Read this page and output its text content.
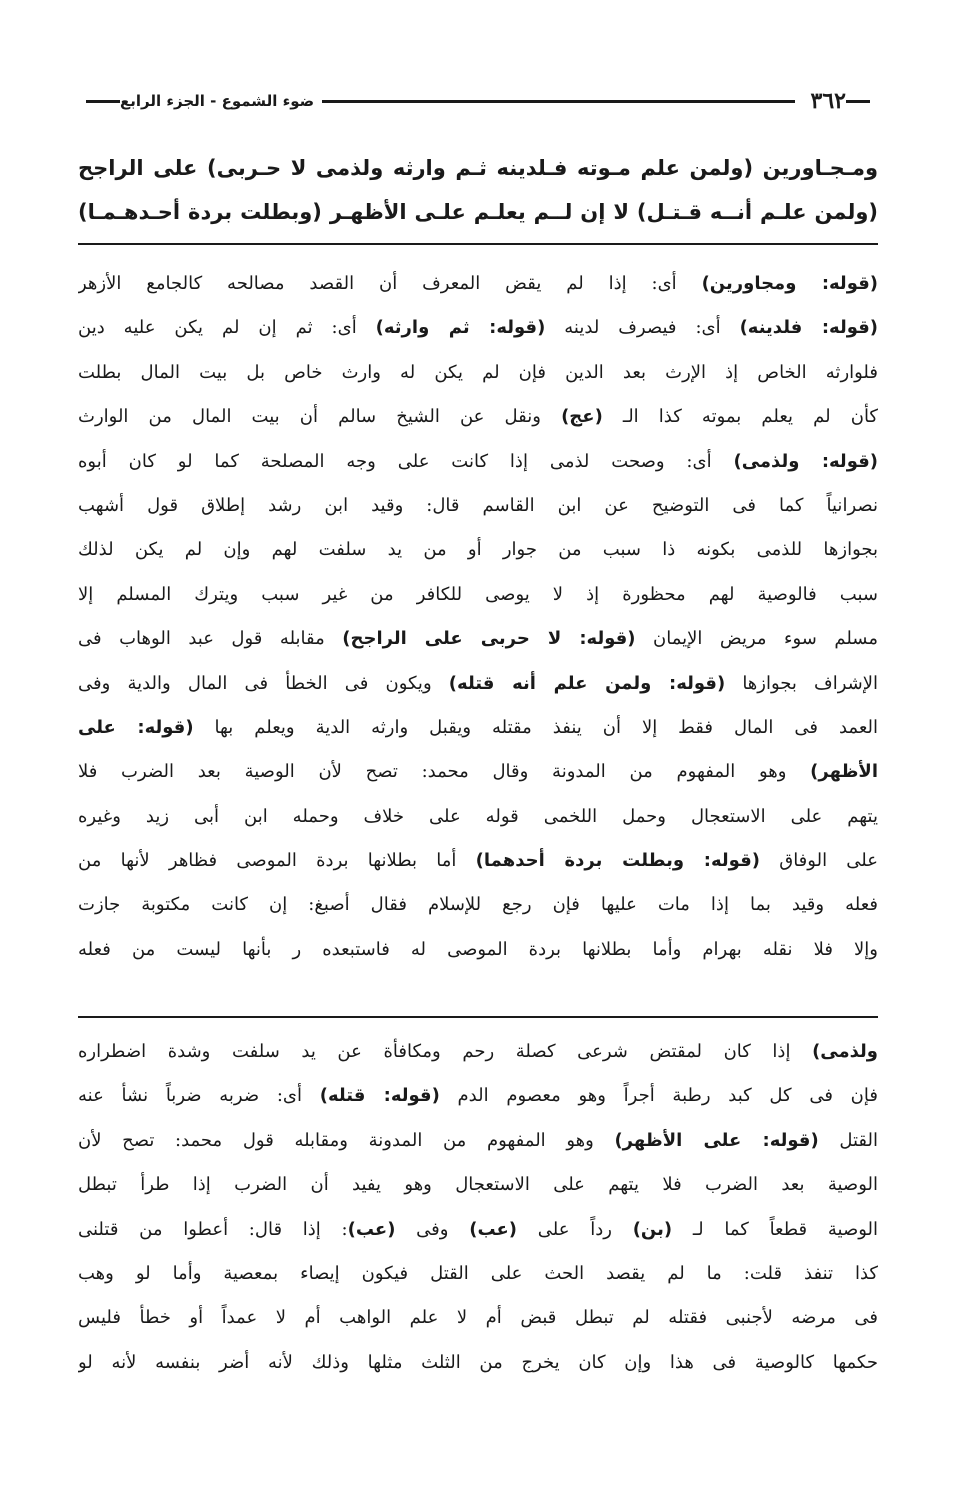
٣٦٢
ضوء الشموع - الجزء الرابع
ومـجـاورين (ولمن علم مـوته فـلدينه ثـم وارثه ولذمى لا حـربى) على الراجح
(ولمن علـم أنــه قـتـل) لا إن لــم يعلـم علـى الأظهـر (وبطلت بردة أحـدهـمـا)
(قوله: ومجاورين) أى: إذا لم يقض المعرف أن القصد مصالحه كالجامع الأزهر
(قوله: فلدينه) أى: فيصرف لدينه (قوله: ثم وارثه) أى: ثم إن لم يكن عليه دين
فلوارثه الخاص إذ الإرث بعد الدين فإن لم يكن له وارث خاص بل بيت المال بطلت
كأن لم يعلم بموته كذا الـ (عج) ونقل عن الشيخ سالم أن بيت المال من الوارث
(قوله: ولذمى) أى: وصحت لذمى إذا كانت على وجه المصلحة كما لو كان أبوه
نصرانياً كما فى التوضيح عن ابن القاسم قال: وقيد ابن رشد إطلاق قول أشهب
بجوازها للذمى بكونه ذا سبب من جوار أو من يد سلفت لهم وإن لم يكن لذلك
سبب فالوصية لهم محظورة إذ لا يوصى للكافر من غير سبب ويترك المسلم إلا
مسلم سوء مريض الإيمان (قوله: لا حربى على الراجح) مقابله قول عبد الوهاب فى
الإشراف بجوازها (قوله: ولمن علم أنه قتله) ويكون فى الخطأ فى المال والدية وفى
العمد فى المال فقط إلا أن ينفذ مقتله ويقبل وارثه الدية ويعلم بها (قوله: على
الأظهر) وهو المفهوم من المدونة وقال محمد: تصح لأن الوصية بعد الضرب فلا
يتهم على الاستعجال وحمل اللخمى قوله على خلاف وحمله ابن أبى زيد وغيره
على الوفاق (قوله: وبطلت بردة أحدهما) أما بطلانها بردة الموصى فظاهر لأنها من
فعله وقيد بما إذا مات عليها فإن رجع للإسلام فقال أصبغ: إن كانت مكتوبة جازت
وإلا فلا نقله بهرام وأما بطلانها بردة الموصى له فاستبعده ر بأنها ليست من فعله
ولذمى) إذا كان لمقتض شرعى كصلة رحم ومكافأة عن يد سلفت وشدة اضطراره
فإن فى كل كبد رطبة أجراً وهو معصوم الدم (قوله: قتله) أى: ضربه ضرباً نشأ عنه
القتل (قوله: على الأظهر) وهو المفهوم من المدونة ومقابله قول محمد: تصح لأن
الوصية بعد الضرب فلا يتهم على الاستعجال وهو يفيد أن الضرب إذا طرأ تبطل
الوصية قطعاً كما لـ (بن) رداً على (عب) وفى (عب): إذا قال: أعطوا من قتلنى
كذا تنفذ قلت: ما لم يقصد الحث على القتل فيكون إيصاء بمعصية وأما لو وهب
فى مرضه لأجنبى فقتله لم تبطل قبض أم لا علم الواهب أم لا عمداً أو خطأ فليس
حكمها كالوصية فى هذا وإن كان يخرج من الثلث مثلها وذلك لأنه أضر بنفسه لأنه لو
